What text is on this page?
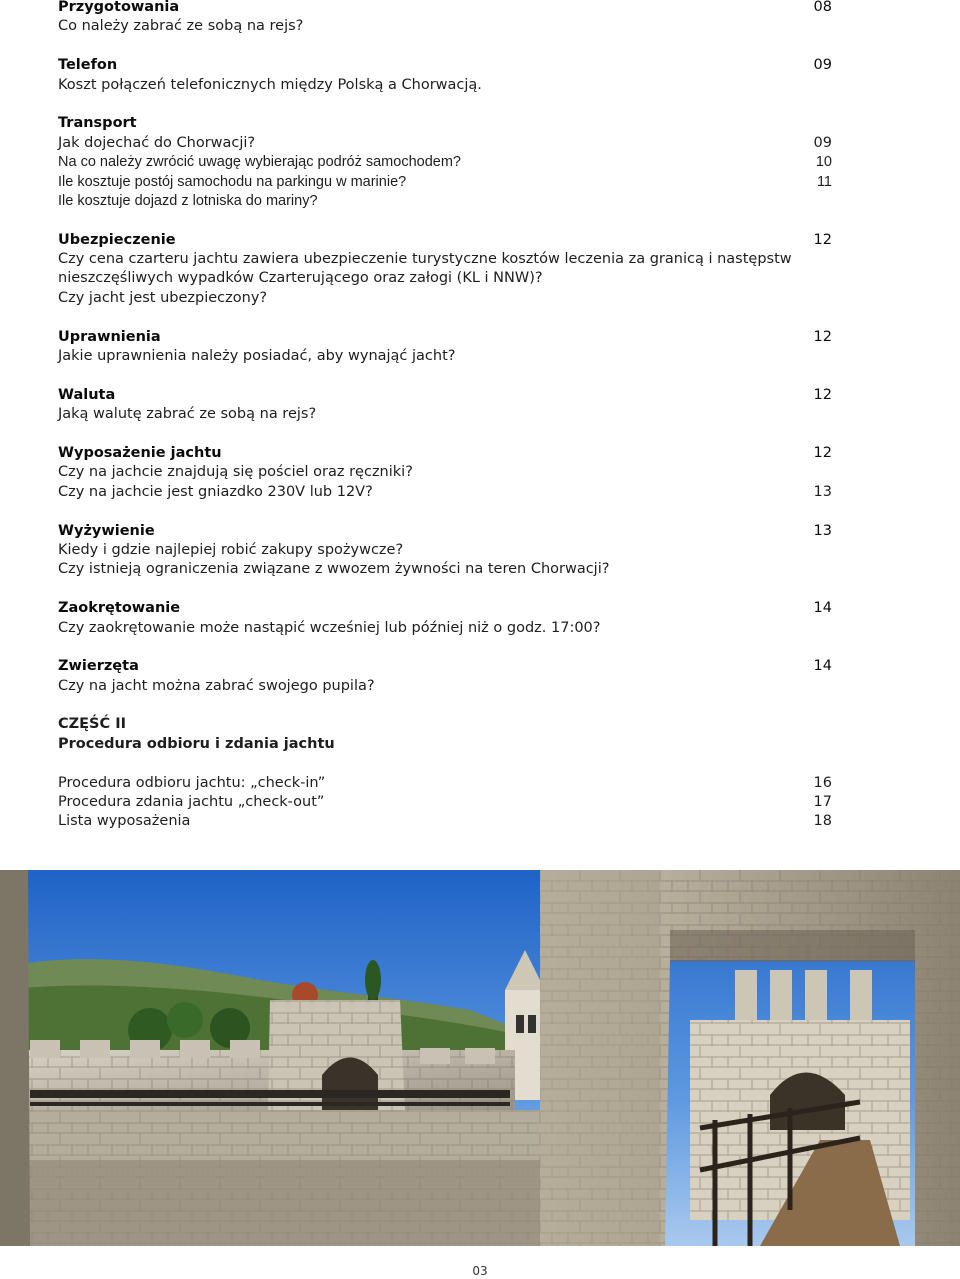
Przygotowania	08
Co należy zabrać ze sobą na rejs?
Telefon	09
Koszt połączeń telefonicznych między Polską a Chorwacją.
Transport
Jak dojechać do Chorwacji?	09
Na co należy zwrócić uwagę wybierając podróż samochodem?	10
Ile kosztuje postój samochodu na parkingu w marinie?	11
Ile kosztuje dojazd z lotniska do mariny?
Ubezpieczenie	12
Czy cena czarteru jachtu zawiera ubezpieczenie turystyczne kosztów leczenia za granicą i następstw
nieszczęśliwych wypadków Czarterującego oraz załogi (KL i NNW)?
Czy jacht jest ubezpieczony?
Uprawnienia	12
Jakie uprawnienia należy posiadać, aby wynająć jacht?
Waluta	12
Jaką walutę zabrać ze sobą na rejs?
Wyposażenie jachtu	12
Czy na jachcie znajdują się pościel oraz ręczniki?
Czy na jachcie jest gniazdko 230V lub 12V?	13
Wyżywienie	13
Kiedy i gdzie najlepiej robić zakupy spożywcze?
Czy istnieją ograniczenia związane z wwozem żywności na teren Chorwacji?
Zaokrętowanie	14
Czy zaokrętowanie może nastąpić wcześniej lub później niż o godz. 17:00?
Zwierzęta	14
Czy na jacht można zabrać swojego pupila?
CZĘŚĆ II
Procedura odbioru i zdania jachtu
Procedura odbioru jachtu: „check-in”	16
Procedura zdania jachtu „check-out”	17
Lista wyposażenia	18
03
